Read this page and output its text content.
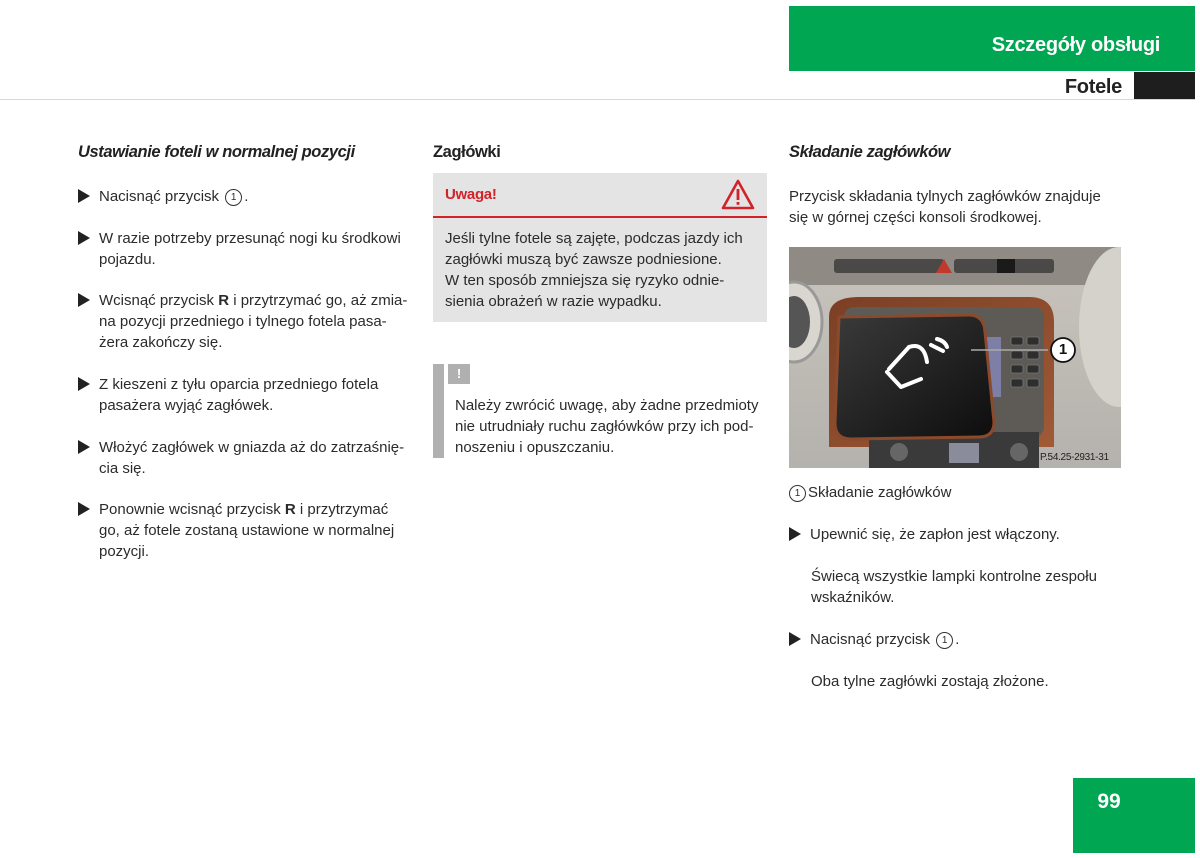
Szczegóły obsługi
Fotele
Ustawianie foteli w normalnej pozycji
Nacisnąć przycisk 1 .
W razie potrzeby przesunąć nogi ku środkowi
pojazdu.
Wcisnąć przycisk R i przytrzymać go, aż zmia-
na pozycji przedniego i tylnego fotela pasa-
żera zakończy się.
Z kieszeni z tyłu oparcia przedniego fotela
pasażera wyjąć zagłówek.
Włożyć zagłówek w gniazda aż do zatrzaśnię-
cia się.
Ponownie wcisnąć przycisk R i przytrzymać
go, aż fotele zostaną ustawione w normalnej
pozycji.
Zagłówki
Uwaga!
Jeśli tylne fotele są zajęte, podczas jazdy ich
zagłówki muszą być zawsze podniesione.
W ten sposób zmniejsza się ryzyko odnie-
sienia obrażeń w razie wypadku.
!
Należy zwrócić uwagę, aby żadne przedmioty
nie utrudniały ruchu zagłówków przy ich pod-
noszeniu i opuszczaniu.
Składanie zagłówków
Przycisk składania tylnych zagłówków znajduje
się w górnej części konsoli środkowej.
1
P.54.25-2931-31
1 Składanie zagłówków
Upewnić się, że zapłon jest włączony.
Świecą wszystkie lampki kontrolne zespołu
wskaźników.
Nacisnąć przycisk 1 .
Oba tylne zagłówki zostają złożone.
99
